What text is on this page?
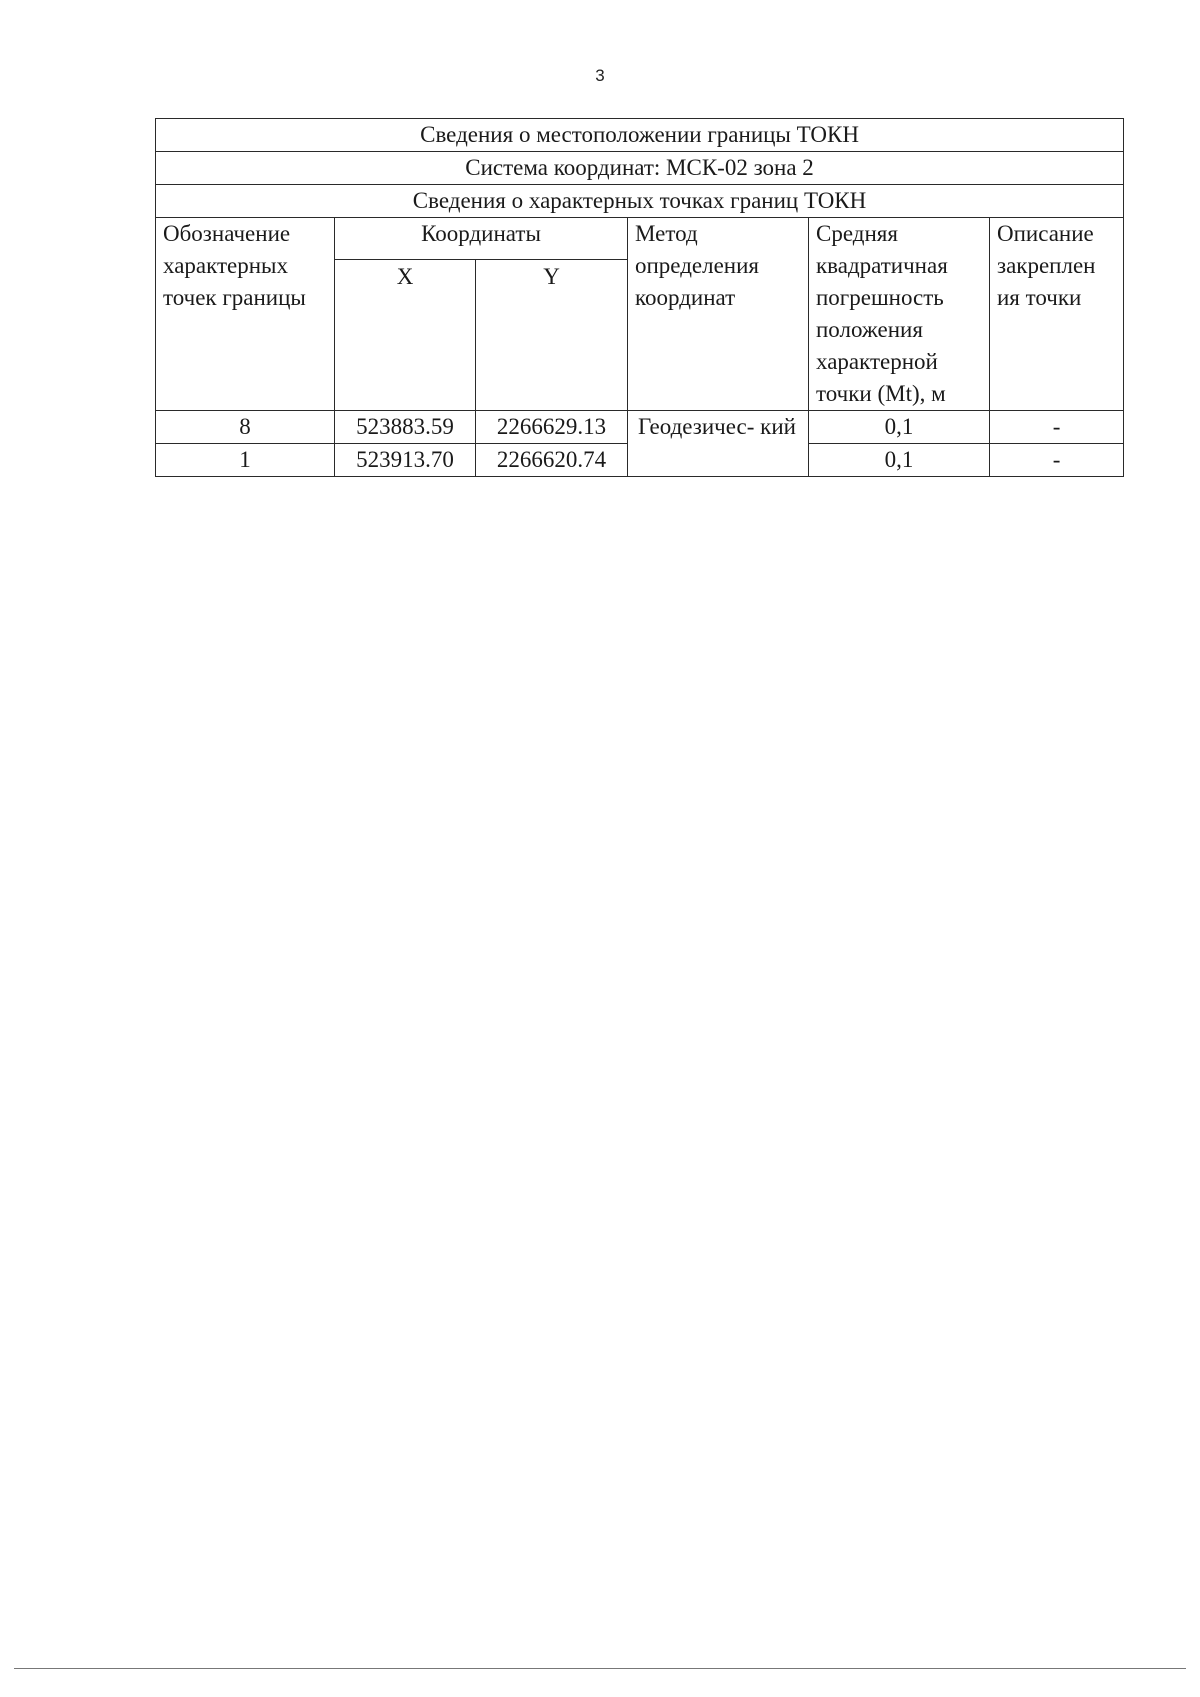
3
Сведения о местоположении границы ТОКН					
Система координат: МСК-02 зона 2					
Сведения о характерных точках границ ТОКН					
Обозначение характерных точек границы	Координаты		Метод определения координат	Средняя квадратичная погрешность положения характерной точки (Mt), м	Описание закреплен ия точки
	X	Y			
8	523883.59	2266629.13	Геодезичес- кий	0,1	-
1	523913.70	2266620.74		0,1	-
